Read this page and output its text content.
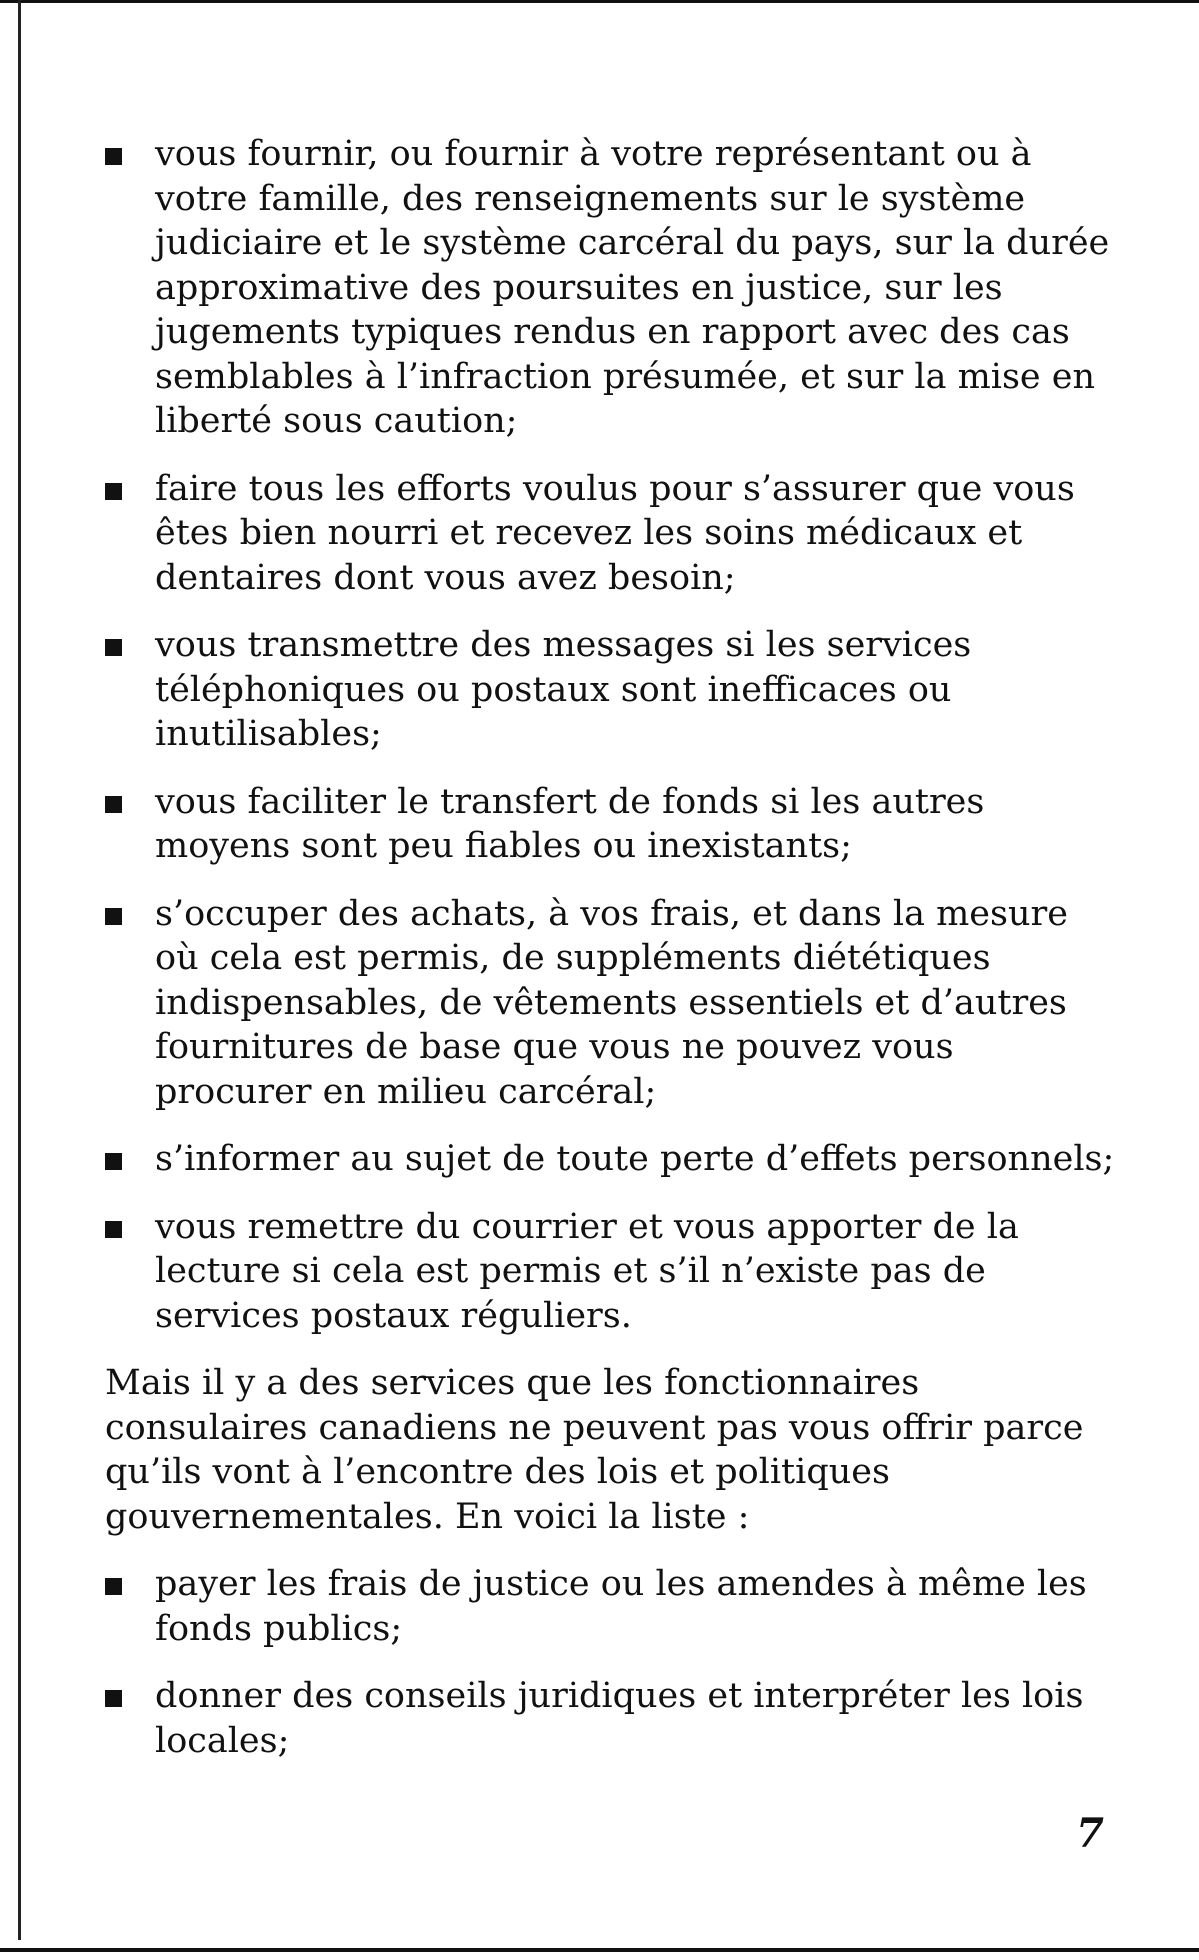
vous fournir, ou fournir à votre représentant ou à votre famille, des renseignements sur le système judiciaire et le système carcéral du pays, sur la durée approximative des poursuites en justice, sur les jugements typiques rendus en rapport avec des cas semblables à l’infraction présumée, et sur la mise en liberté sous caution;
faire tous les efforts voulus pour s’assurer que vous êtes bien nourri et recevez les soins médicaux et dentaires dont vous avez besoin;
vous transmettre des messages si les services téléphoniques ou postaux sont inefficaces ou inutilisables;
vous faciliter le transfert de fonds si les autres moyens sont peu fiables ou inexistants;
s’occuper des achats, à vos frais, et dans la mesure où cela est permis, de suppléments diététiques indispensables, de vêtements essentiels et d’autres fournitures de base que vous ne pouvez vous procurer en milieu carcéral;
s’informer au sujet de toute perte d’effets personnels;
vous remettre du courrier et vous apporter de la lecture si cela est permis et s’il n’existe pas de services postaux réguliers.

Mais il y a des services que les fonctionnaires consulaires canadiens ne peuvent pas vous offrir parce qu’ils vont à l’encontre des lois et politiques gouvernementales. En voici la liste :

payer les frais de justice ou les amendes à même les fonds publics;
donner des conseils juridiques et interpréter les lois locales;
7
